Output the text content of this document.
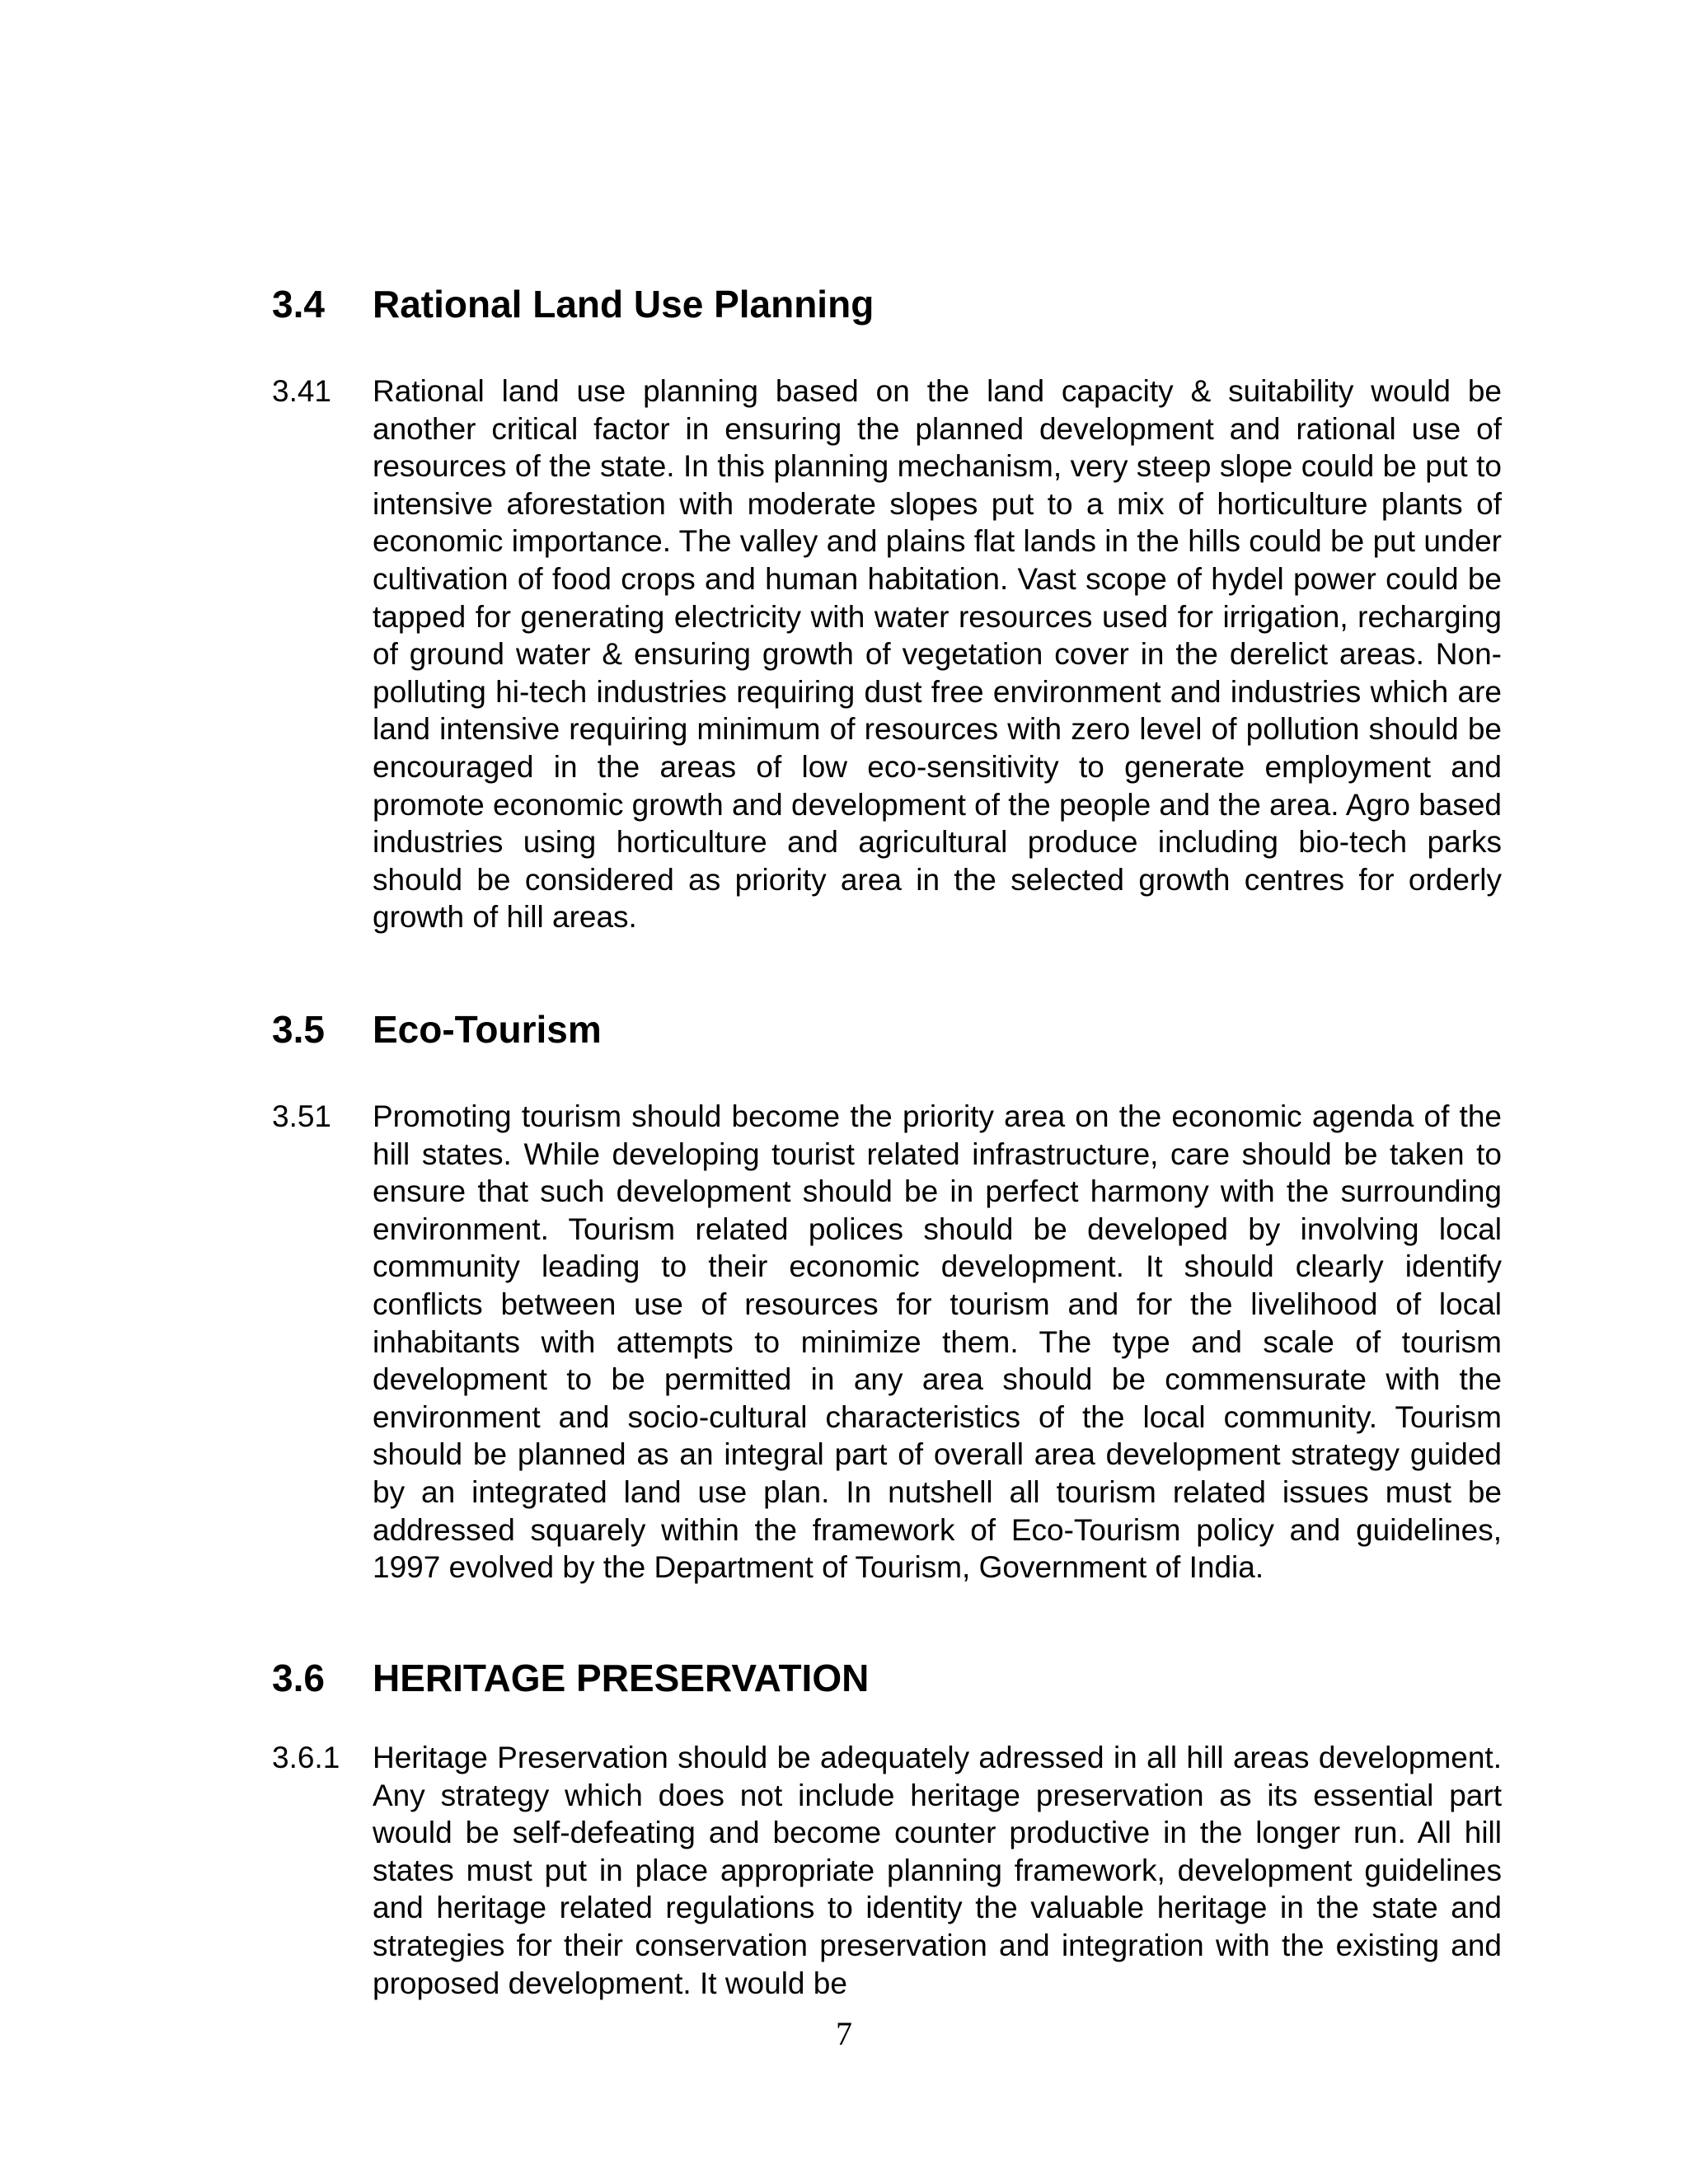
3.4 Rational Land Use Planning
3.41 Rational land use planning based on the land capacity & suitability would be another critical factor in ensuring the planned development and rational use of resources of the state. In this planning mechanism, very steep slope could be put to intensive aforestation with moderate slopes put to a mix of horticulture plants of economic importance. The valley and plains flat lands in the hills could be put under cultivation of food crops and human habitation. Vast scope of hydel power could be tapped for generating electricity with water resources used for irrigation, recharging of ground water & ensuring growth of vegetation cover in the derelict areas. Non-polluting hi-tech industries requiring dust free environment and industries which are land intensive requiring minimum of resources with zero level of pollution should be encouraged in the areas of low eco-sensitivity to generate employment and promote economic growth and development of the people and the area. Agro based industries using horticulture and agricultural produce including bio-tech parks should be considered as priority area in the selected growth centres for orderly growth of hill areas.
3.5 Eco-Tourism
3.51 Promoting tourism should become the priority area on the economic agenda of the hill states. While developing tourist related infrastructure, care should be taken to ensure that such development should be in perfect harmony with the surrounding environment. Tourism related polices should be developed by involving local community leading to their economic development. It should clearly identify conflicts between use of resources for tourism and for the livelihood of local inhabitants with attempts to minimize them. The type and scale of tourism development to be permitted in any area should be commensurate with the environment and socio-cultural characteristics of the local community. Tourism should be planned as an integral part of overall area development strategy guided by an integrated land use plan. In nutshell all tourism related issues must be addressed squarely within the framework of Eco-Tourism policy and guidelines, 1997 evolved by the Department of Tourism, Government of India.
3.6 HERITAGE PRESERVATION
3.6.1 Heritage Preservation should be adequately adressed in all hill areas development. Any strategy which does not include heritage preservation as its essential part would be self-defeating and become counter productive in the longer run. All hill states must put in place appropriate planning framework, development guidelines and heritage related regulations to identity the valuable heritage in the state and strategies for their conservation preservation and integration with the existing and proposed development. It would be
7
